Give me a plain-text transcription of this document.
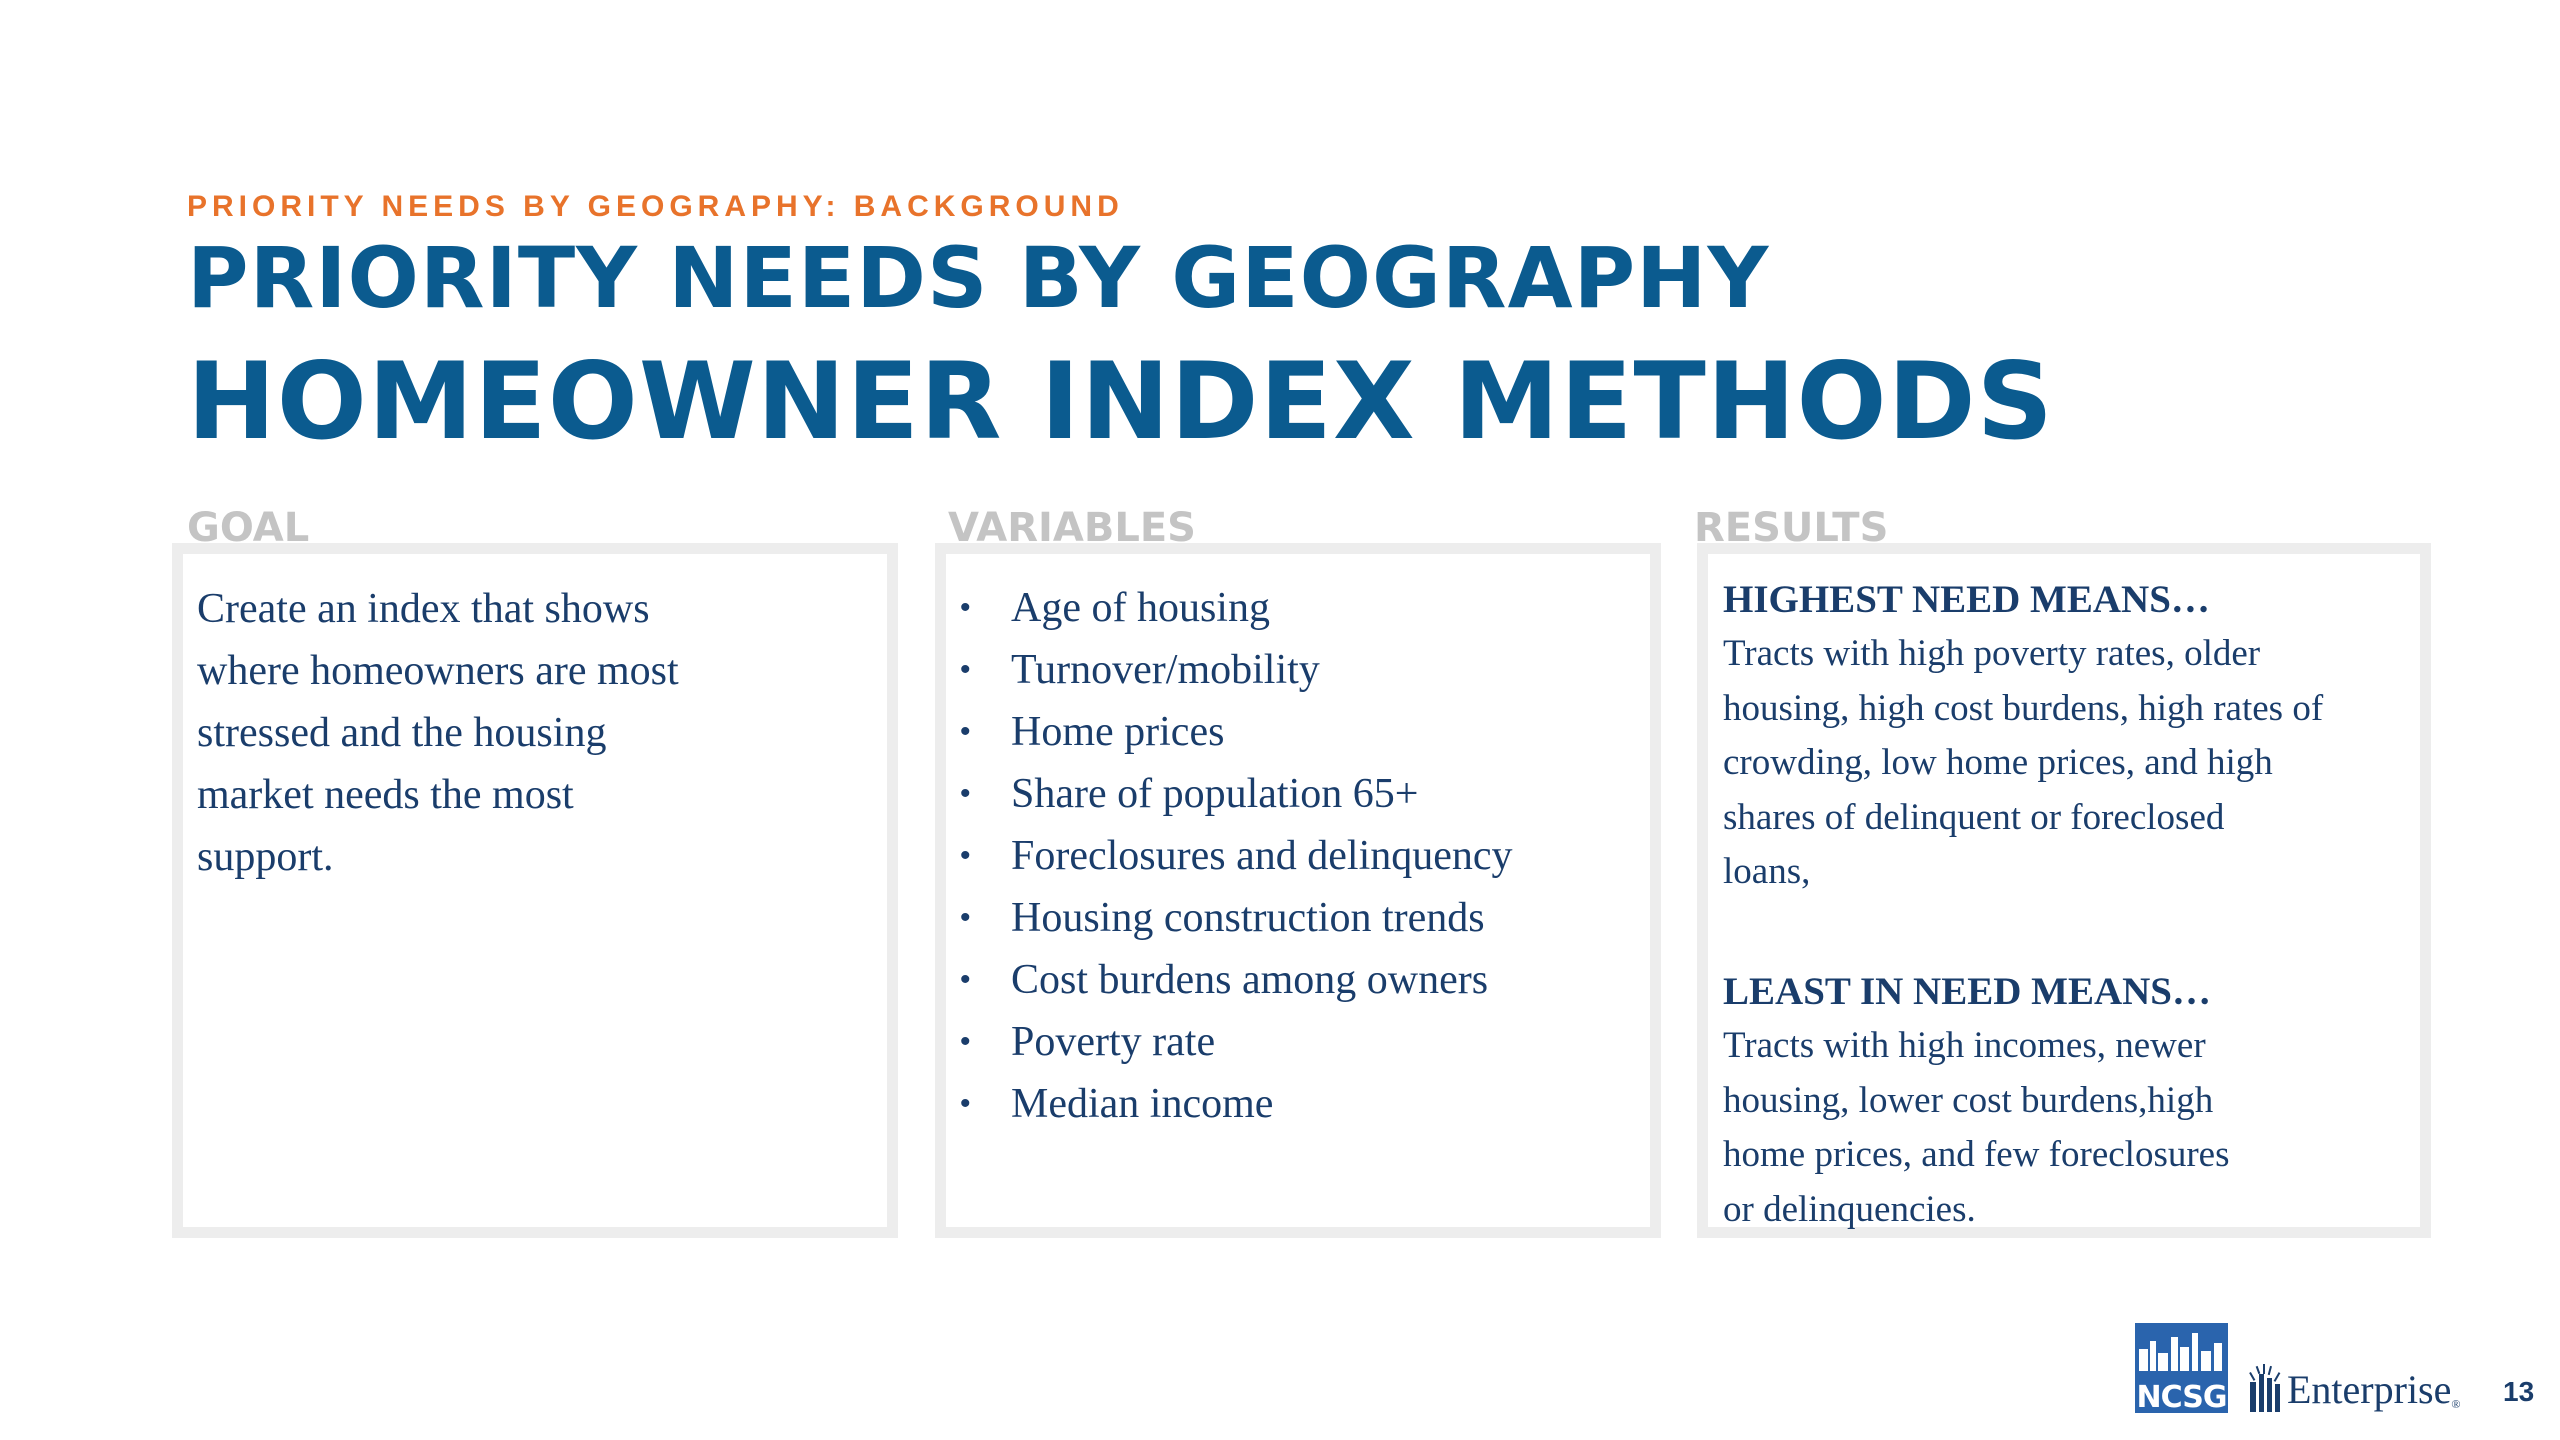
PRIORITY NEEDS BY GEOGRAPHY: BACKGROUND
PRIORITY NEEDS BY GEOGRAPHY
HOMEOWNER INDEX METHODS
GOAL	VARIABLES	RESULTS
Create an index that shows
where homeowners are most
stressed and the housing
market needs the most
support.
• Age of housing
• Turnover/mobility
• Home prices
• Share of population 65+
• Foreclosures and delinquency
• Housing construction trends
• Cost burdens among owners
• Poverty rate
• Median income
HIGHEST NEED MEANS…
Tracts with high poverty rates, older
housing, high cost burdens, high rates of
crowding, low home prices, and high
shares of delinquent or foreclosed
loans,
LEAST IN NEED MEANS…
Tracts with high incomes, newer
housing, lower cost burdens,high
home prices, and few foreclosures
or delinquencies.
NCSG Enterprise ® 13
